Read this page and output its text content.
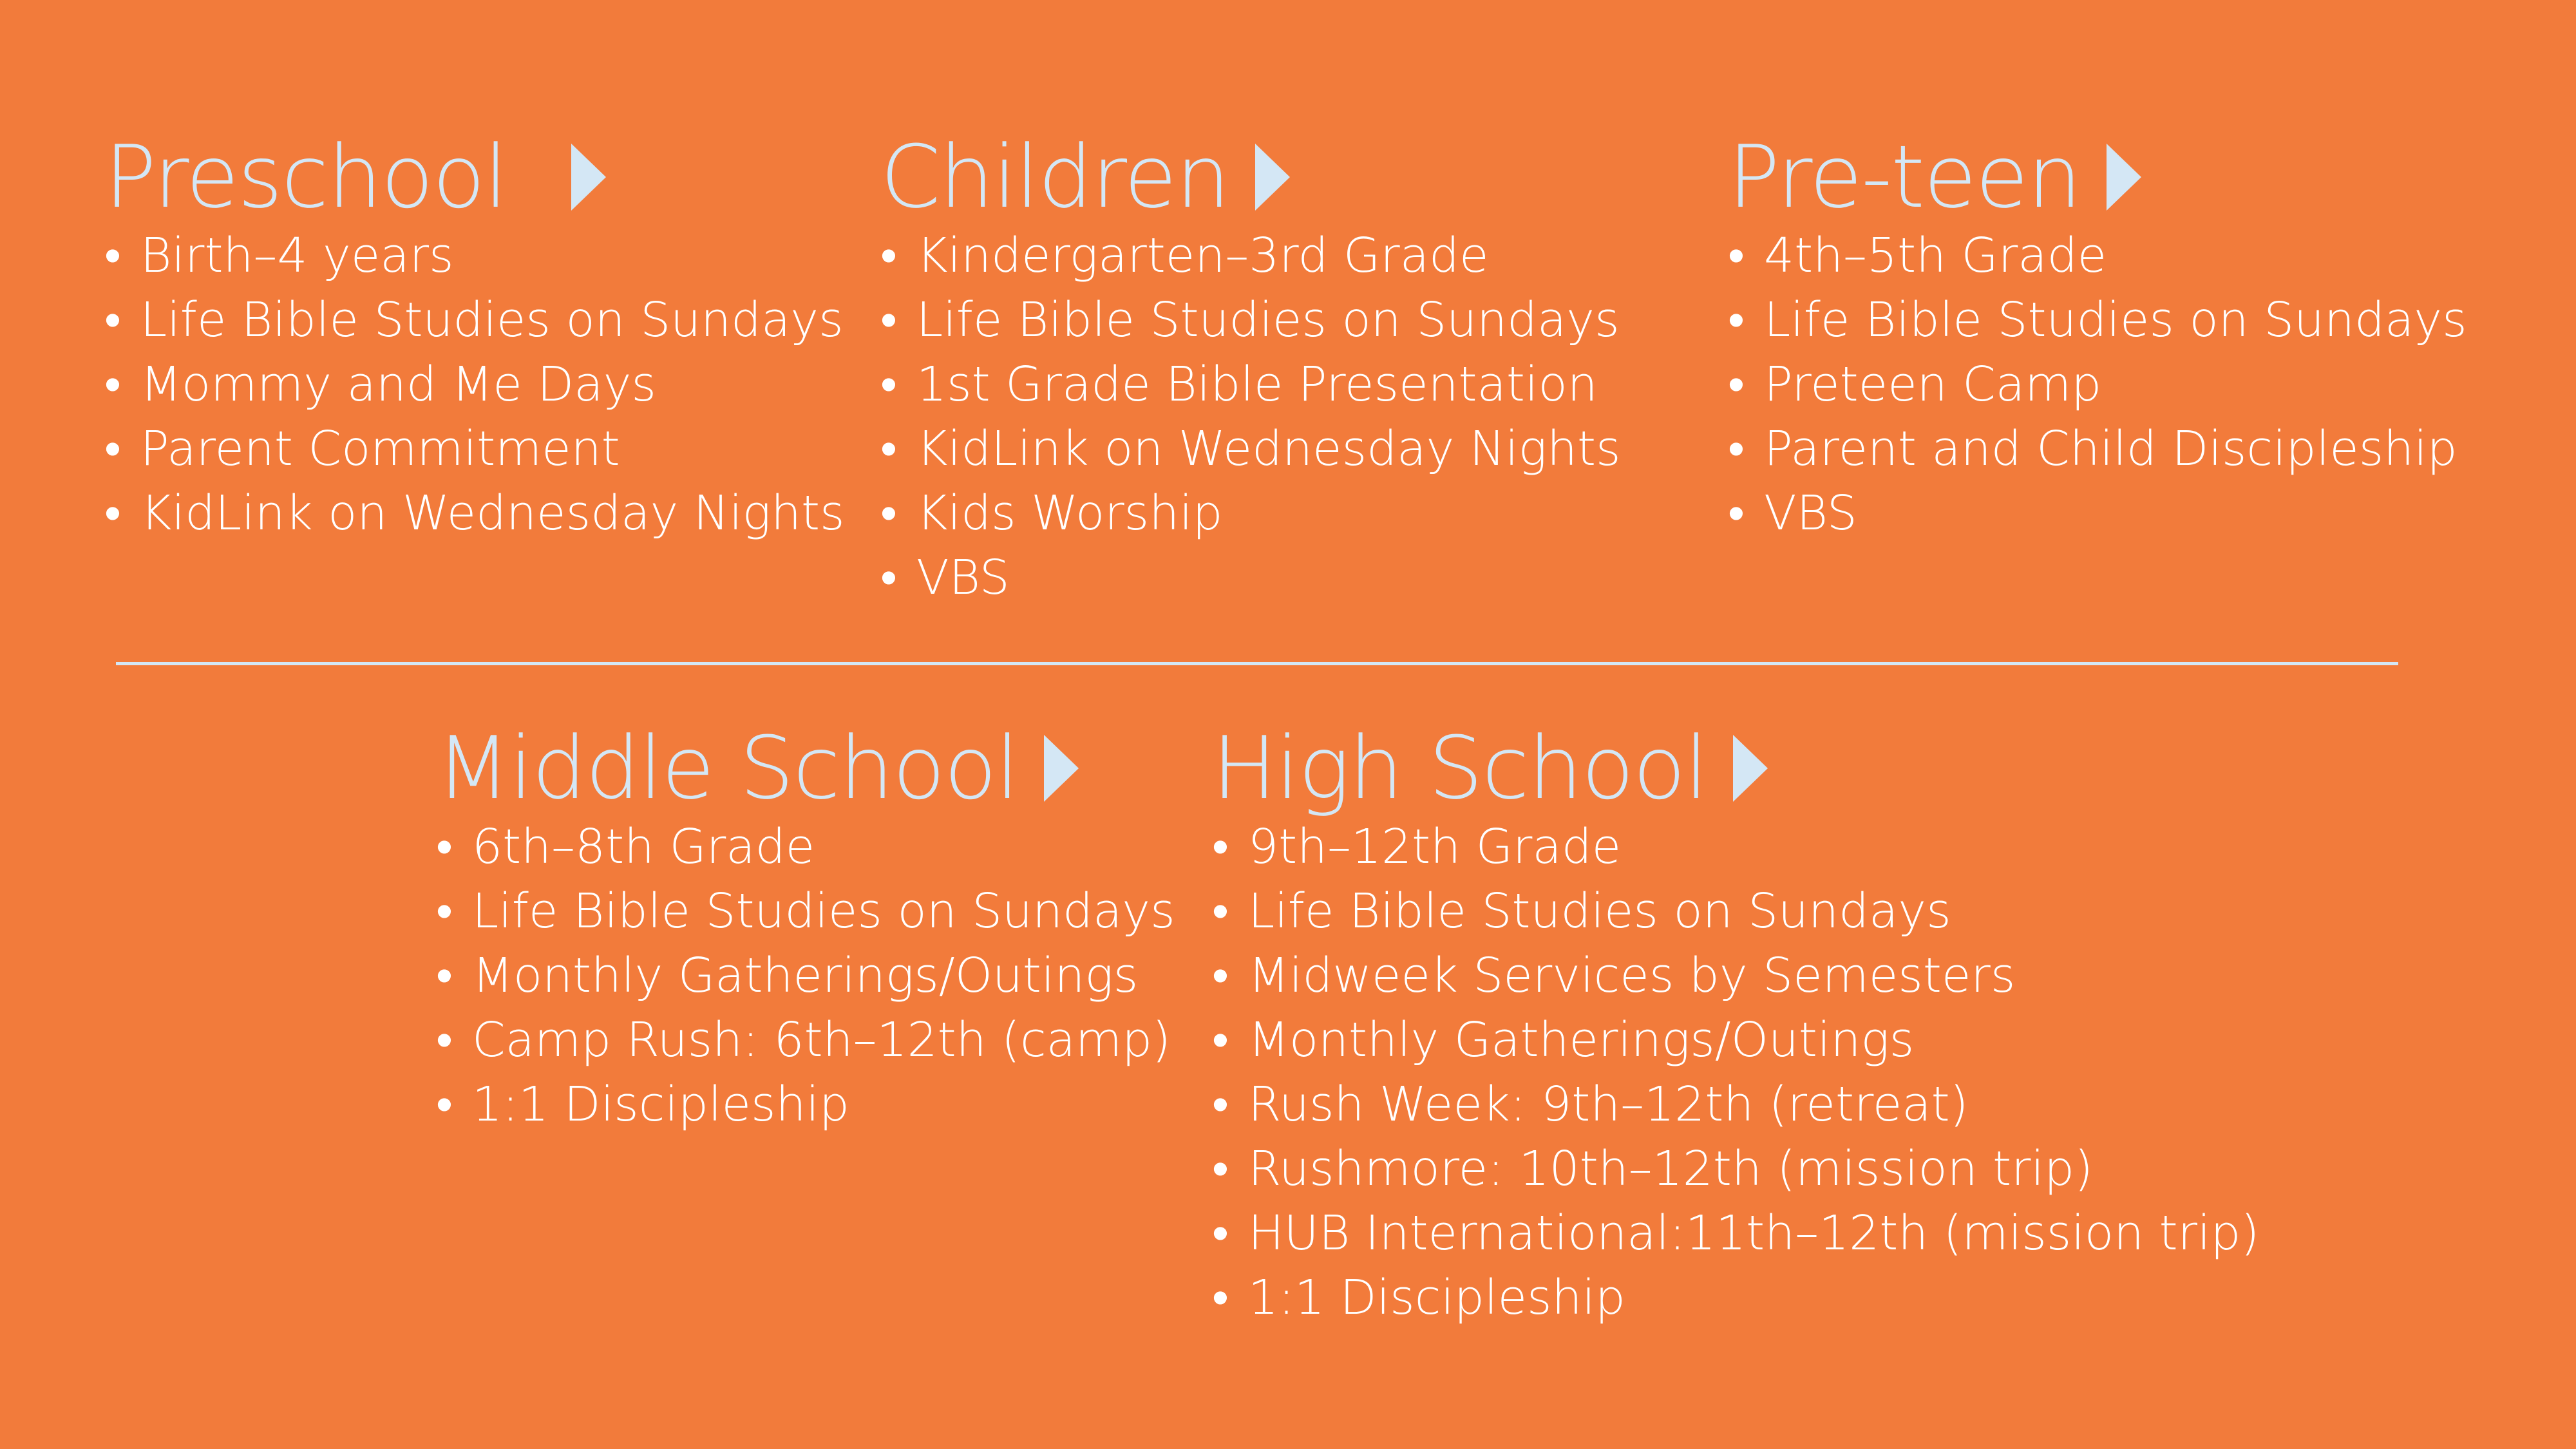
Preschool
• Birth–4 years
• Life Bible Studies on Sundays
• Mommy and Me Days
• Parent Commitment
• KidLink on Wednesday Nights
Children
• Kindergarten–3rd Grade
• Life Bible Studies on Sundays
• 1st Grade Bible Presentation
• KidLink on Wednesday Nights
• Kids Worship
• VBS
Pre-teen
• 4th–5th Grade
• Life Bible Studies on Sundays
• Preteen Camp
• Parent and Child Discipleship
• VBS
Middle School
• 6th–8th Grade
• Life Bible Studies on Sundays
• Monthly Gatherings/Outings
• Camp Rush: 6th–12th (camp)
• 1:1 Discipleship
High School
• 9th–12th Grade
• Life Bible Studies on Sundays
• Midweek Services by Semesters
• Monthly Gatherings/Outings
• Rush Week: 9th–12th (retreat)
• Rushmore: 10th–12th (mission trip)
• HUB International:11th–12th (mission trip)
• 1:1 Discipleship
